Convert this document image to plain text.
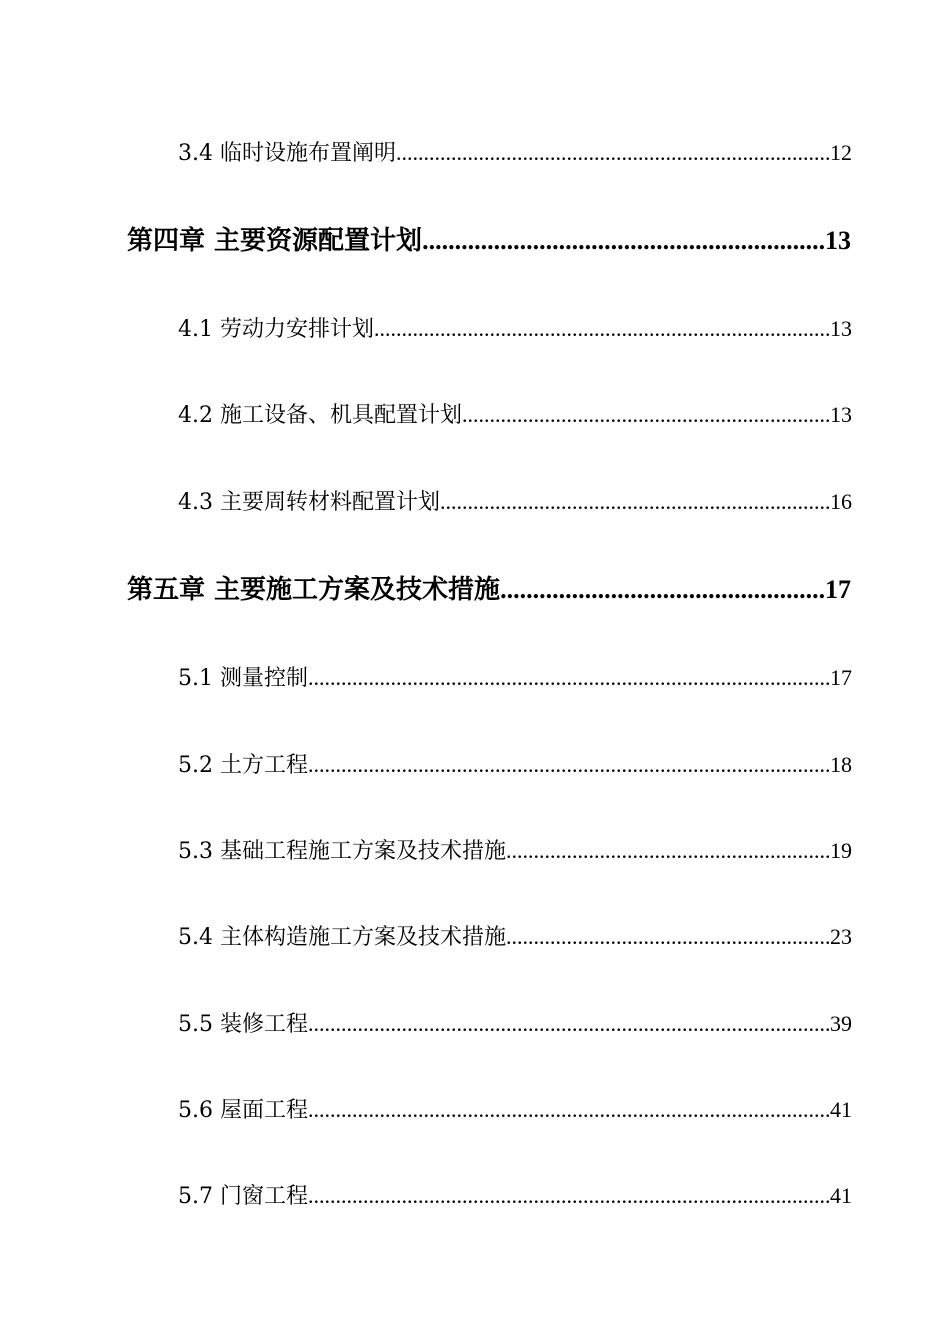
3.4 临时设施布置阐明 .....	12
第四章 主要资源配置计划 .....	13
4.1 劳动力安排计划 .....	13
4.2 施工设备、机具配置计划 .....	13
4.3 主要周转材料配置计划 .....	16
第五章 主要施工方案及技术措施 .....	17
5.1 测量控制 .....	17
5.2 土方工程 .....	18
5.3 基础工程施工方案及技术措施 .....	19
5.4 主体构造施工方案及技术措施 .....	23
5.5 装修工程 .....	39
5.6 屋面工程 .....	41
5.7 门窗工程 .....	41
